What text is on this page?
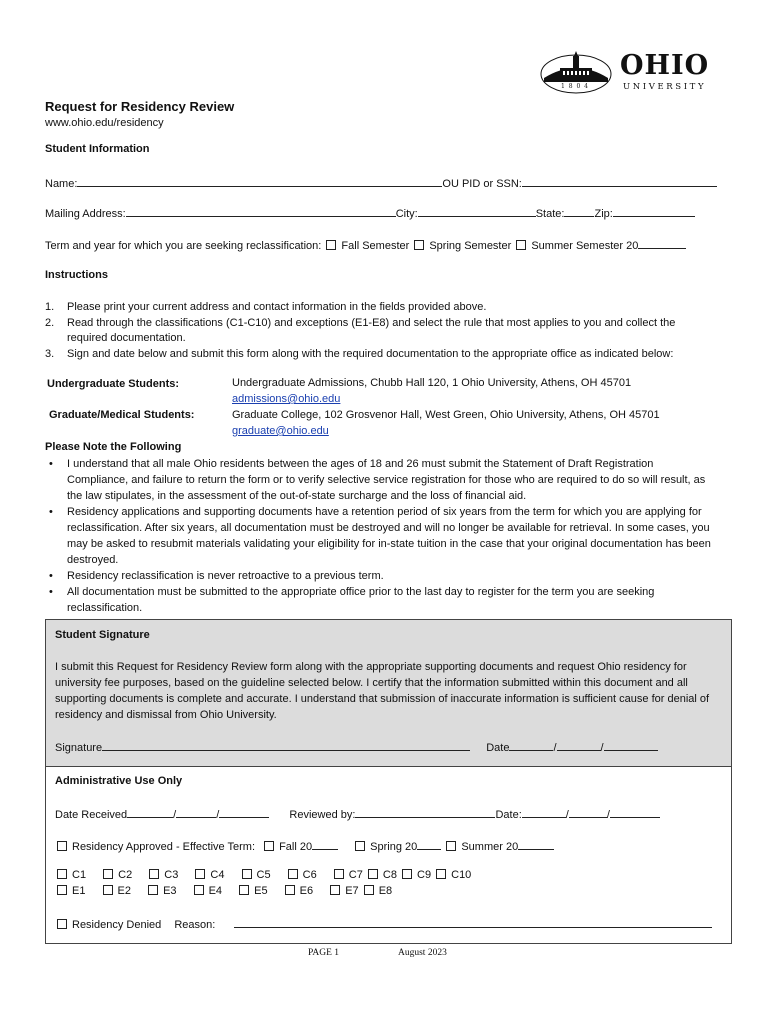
1 8 0 4
OHIO
UNIVERSITY
Request for Residency Review
www.ohio.edu/residency
Student Information
Name:	OU PID or SSN:
Mailing Address:	City:	State:	Zip:
Term and year for which you are seeking reclassification: Fall Semester Spring Semester Summer Semester 20
Instructions
1. Please print your current address and contact information in the fields provided above.
2. Read through the classifications (C1-C10) and exceptions (E1-E8) and select the rule that most applies to you and collect the required documentation.
3. Sign and date below and submit this form along with the required documentation to the appropriate office as indicated below:
Undergraduate Students:	Undergraduate Admissions, Chubb Hall 120, 1 Ohio University, Athens, OH 45701
admissions@ohio.edu
Graduate/Medical Students:	Graduate College, 102 Grosvenor Hall, West Green, Ohio University, Athens, OH 45701
graduate@ohio.edu
Please Note the Following
• I understand that all male Ohio residents between the ages of 18 and 26 must submit the Statement of Draft Registration Compliance, and failure to return the form or to verify selective service registration for those who are required to do so will result, as the law stipulates, in the assessment of the out-of-state surcharge and the loss of financial aid.
• Residency applications and supporting documents have a retention period of six years from the term for which you are applying for reclassification. After six years, all documentation must be destroyed and will no longer be available for retrieval. In some cases, you may be asked to resubmit materials validating your eligibility for in-state tuition in the case that your original documentation has been destroyed.
• Residency reclassification is never retroactive to a previous term.
• All documentation must be submitted to the appropriate office prior to the last day to register for the term you are seeking reclassification.
Student Signature
I submit this Request for Residency Review form along with the appropriate supporting documents and request Ohio residency for university fee purposes, based on the guideline selected below. I certify that the information submitted within this document and all supporting documents is complete and accurate. I understand that submission of inaccurate information is sufficient cause for denial of residency and dismissal from Ohio University.
Signature	Date	/	/
Administrative Use Only
Date Received	/	/	Reviewed by:	Date:	/	/
Residency Approved - Effective Term: Fall 20	Spring 20	Summer 20
C1	C2	C3	C4	C5	C6	C7 C8 C9 C10
E1	E2	E3	E4	E5	E6	E7 E8
Residency Denied Reason:
PAGE 1	August 2023
